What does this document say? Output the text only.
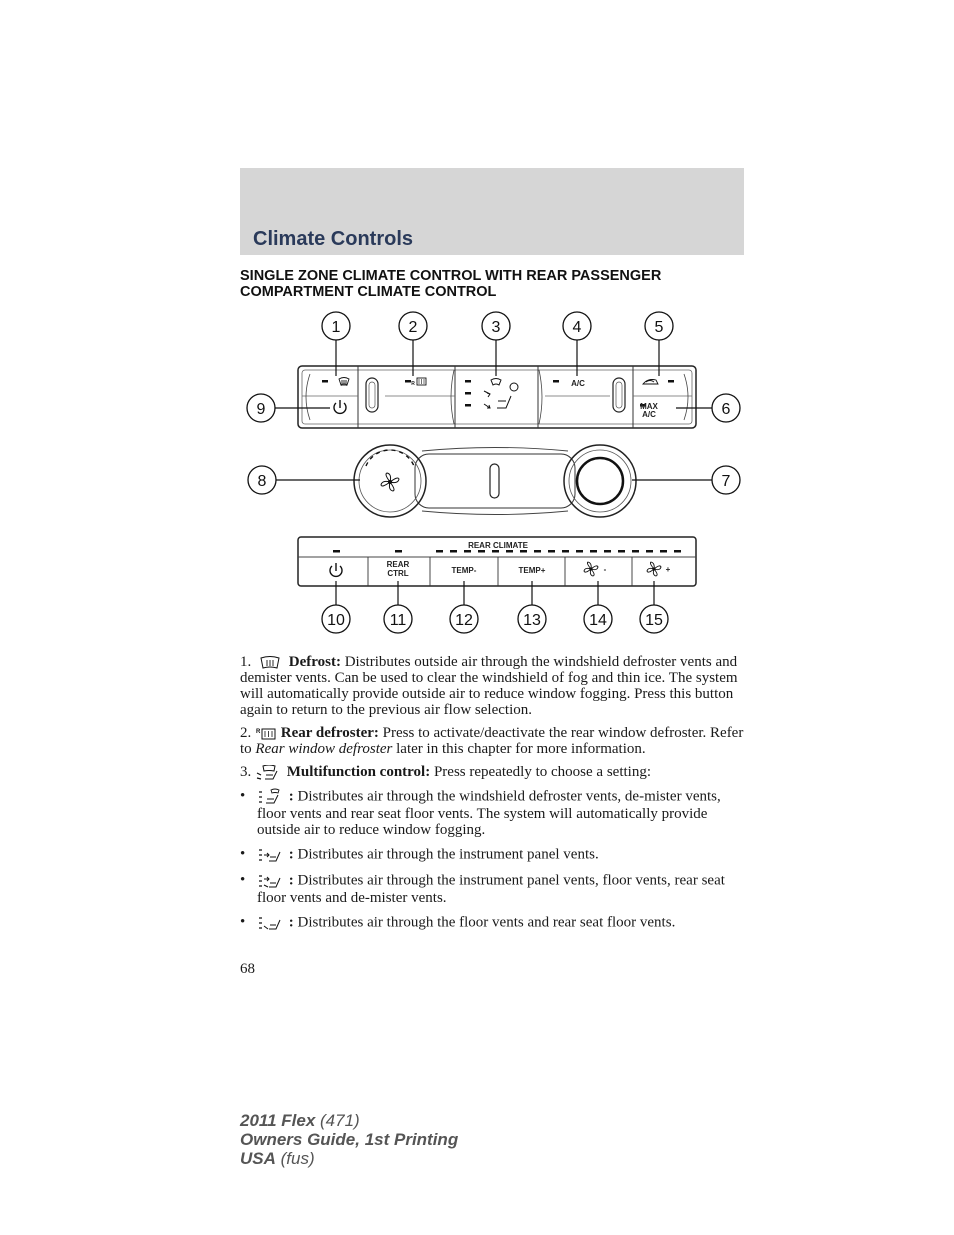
Climate Controls
SINGLE ZONE CLIMATE CONTROL WITH REAR PASSENGER COMPARTMENT CLIMATE CONTROL
R	A/C
MAX
A/C
REAR CLIMATE
REAR
CTRL	TEMP-	TEMP+	-	+
1	2	3	4	5
6
7
8
9
10	11	12	13	14 15

1.	Defrost: Distributes outside air through the windshield defroster vents and demister vents. Can be used to clear the windshield of fog and thin ice. The system will automatically provide outside air to reduce window fogging. Press this button again to return to the previous air flow selection.

2. R Rear defroster: Press to activate/deactivate the rear window defroster. Refer to Rear window defroster later in this chapter for more information.

3. Multifunction control: Press repeatedly to choose a setting:

•	: Distributes air through the windshield defroster vents, de-mister vents, floor vents and rear seat floor vents. The system will automatically provide outside air to reduce window fogging.
•	: Distributes air through the instrument panel vents.
•	: Distributes air through the instrument panel vents, floor vents, rear seat floor vents and de-mister vents.
•	: Distributes air through the floor vents and rear seat floor vents.
68
2011 Flex (471)
Owners Guide, 1st Printing
USA (fus)
